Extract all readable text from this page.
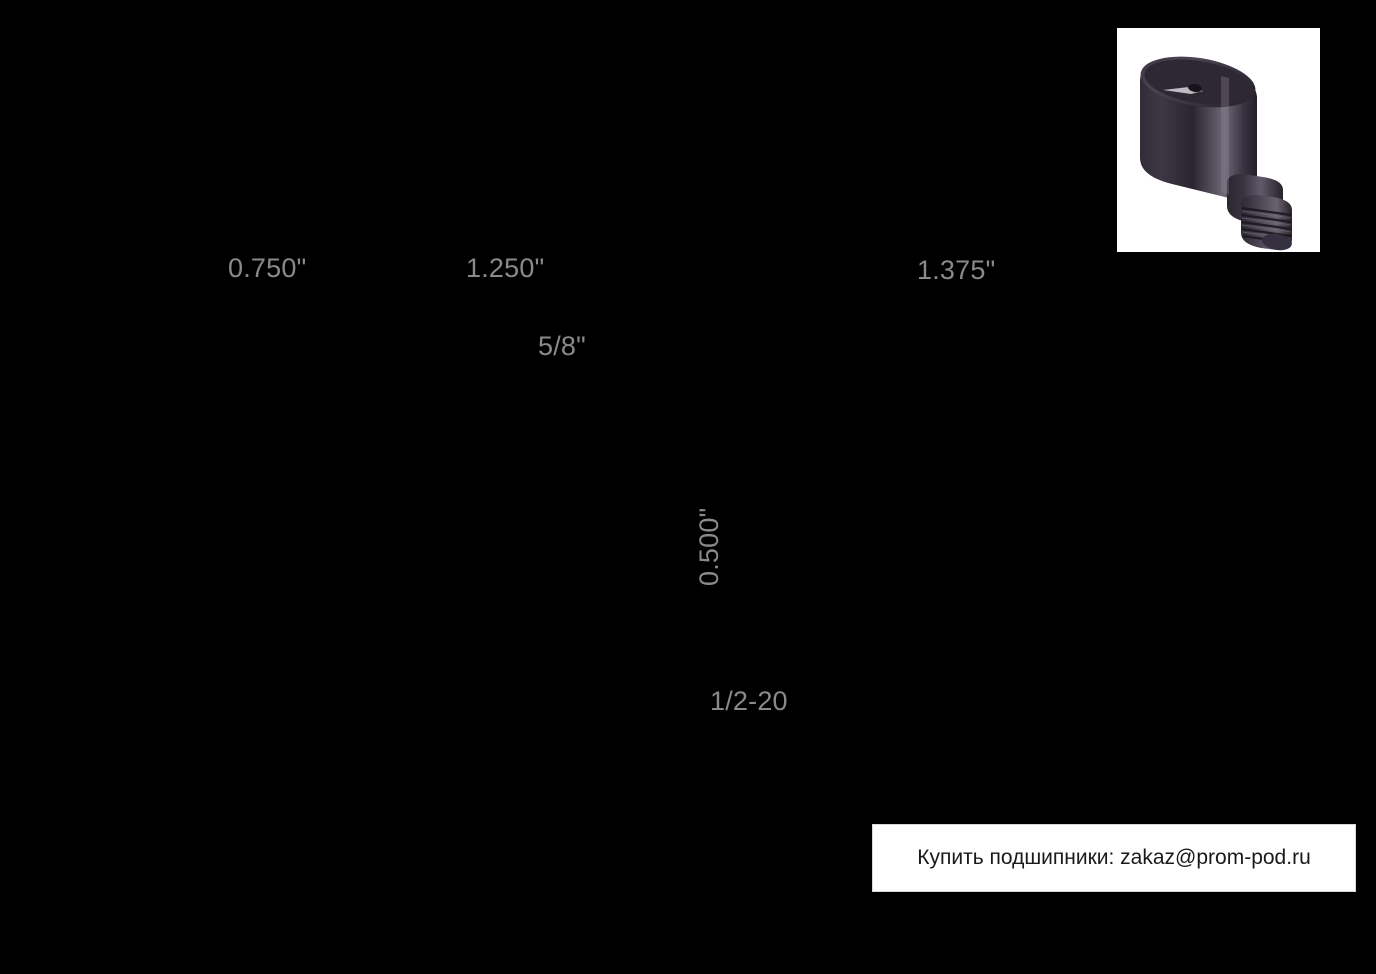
0.750"	1.250"	1.375"
5/8"
0.500"
1/2-20
Купить подшипники: zakaz@prom-pod.ru
